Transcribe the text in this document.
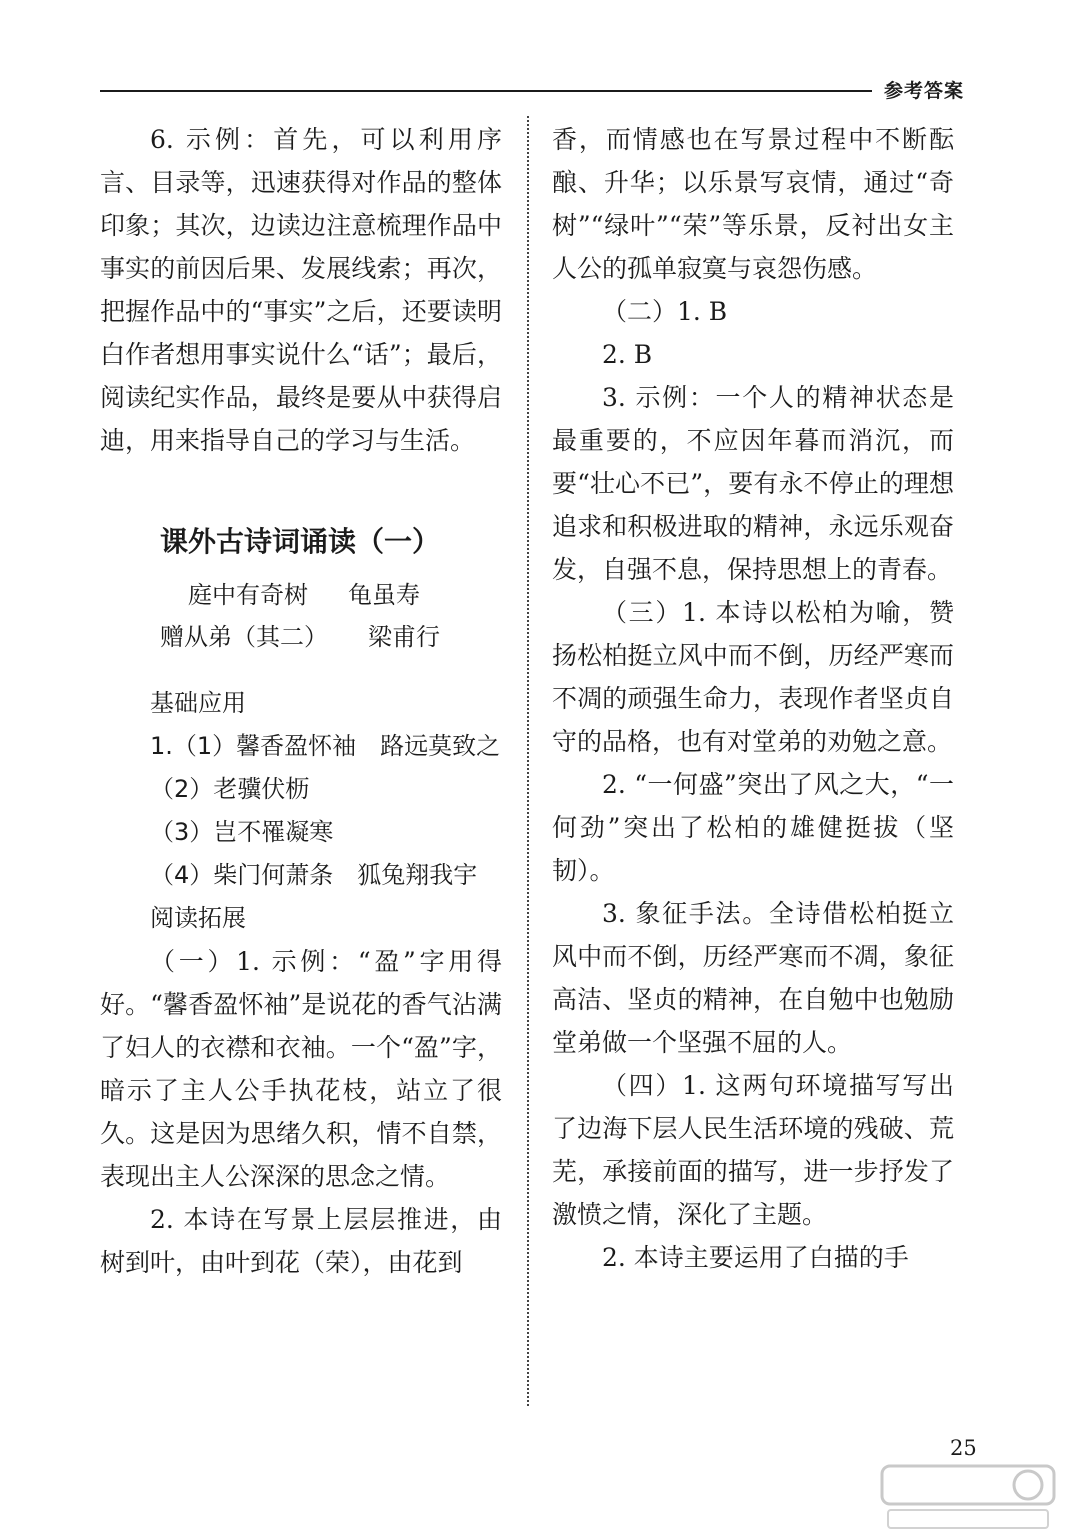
参考答案

6. 示例：首先，可以利用序言、目录等，迅速获得对作品的整体印象；其次，边读边注意梳理作品中事实的前因后果、发展线索；再次，把握作品中的“事实”之后，还要读明白作者想用事实说什么“话”；最后，阅读纪实作品，最终是要从中获得启迪，用来指导自己的学习与生活。

课外古诗词诵读（一）
庭中有奇树 龟虽寿
赠从弟（其二） 梁甫行
基础应用

1.（1）馨香盈怀袖　路远莫致之

（2）老骥伏枥
（3）岂不罹凝寒
（4）柴门何萧条　狐兔翔我宇
阅读拓展

（一）1. 示例：“盈”字用得好。“馨香盈怀袖”是说花的香气沾满了妇人的衣襟和衣袖。一个“盈”字，暗示了主人公手执花枝，站立了很久。这是因为思绪久积，情不自禁，表现出主人公深深的思念之情。

2. 本诗在写景上层层推进，由树到叶，由叶到花（荣），由花到

香，而情感也在写景过程中不断酝酿、升华；以乐景写哀情，通过“奇树”“绿叶”“荣”等乐景，反衬出女主人公的孤单寂寞与哀怨伤感。

（二）1. B

2. B

3. 示例：一个人的精神状态是最重要的，不应因年暮而消沉，而要“壮心不已”，要有永不停止的理想追求和积极进取的精神，永远乐观奋发，自强不息，保持思想上的青春。

（三）1. 本诗以松柏为喻，赞扬松柏挺立风中而不倒，历经严寒而不凋的顽强生命力，表现作者坚贞自守的品格，也有对堂弟的劝勉之意。

2. “一何盛”突出了风之大，“一何劲”突出了松柏的雄健挺拔（坚韧）。

3. 象征手法。全诗借松柏挺立风中而不倒，历经严寒而不凋，象征高洁、坚贞的精神，在自勉中也勉励堂弟做一个坚强不屈的人。

（四）1. 这两句环境描写写出了边海下层人民生活环境的残破、荒芜，承接前面的描写，进一步抒发了激愤之情，深化了主题。

2. 本诗主要运用了白描的手

25
